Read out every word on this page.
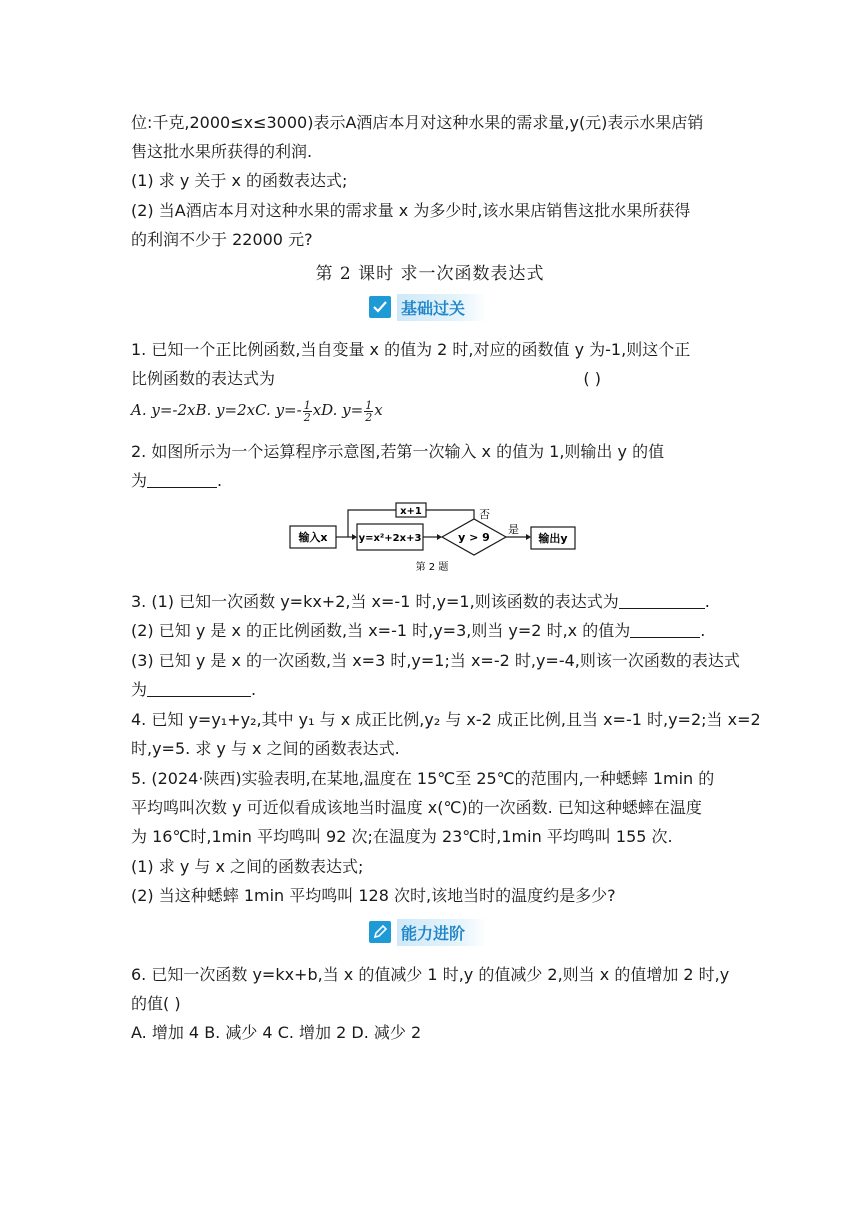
位:千克,2000≤x≤3000)表示A酒店本月对这种水果的需求量,y(元)表示水果店销
售这批水果所获得的利润.
(1) 求 y 关于 x 的函数表达式;
(2) 当A酒店本月对这种水果的需求量 x 为多少时,该水果店销售这批水果所获得
的利润不少于 22000 元?
第 2 课时 求一次函数表达式
基础过关
1. 已知一个正比例函数,当自变量 x 的值为 2 时,对应的函数值 y 为-1,则这个正
比例函数的表达式为	( )
A. y=-2xB. y=2xC. $y=- \frac{1}{2}$ xD. $y= \frac{1}{2}$ x
2. 如图所示为一个运算程序示意图,若第一次输入 x 的值为 1,则输出 y 的值
为	.
输入x	y=x²+2x+3	y > 9
x+1	否
是
输出y
第 2 题
3. (1) 已知一次函数 y=kx+2,当 x=-1 时,y=1,则该函数的表达式为	.
(2) 已知 y 是 x 的正比例函数,当 x=-1 时,y=3,则当 y=2 时,x 的值为	.
(3) 已知 y 是 x 的一次函数,当 x=3 时,y=1;当 x=-2 时,y=-4,则该一次函数的表达式
为	.
4. 已知 y=y₁+y₂,其中 y₁ 与 x 成正比例,y₂ 与 x-2 成正比例,且当 x=-1 时,y=2;当 x=2
时,y=5. 求 y 与 x 之间的函数表达式.
5. (2024·陕西)实验表明,在某地,温度在 15℃至 25℃的范围内,一种蟋蟀 1min 的
平均鸣叫次数 y 可近似看成该地当时温度 x(℃)的一次函数. 已知这种蟋蟀在温度
为 16℃时,1min 平均鸣叫 92 次;在温度为 23℃时,1min 平均鸣叫 155 次.
(1) 求 y 与 x 之间的函数表达式;
(2) 当这种蟋蟀 1min 平均鸣叫 128 次时,该地当时的温度约是多少?
能力进阶
6. 已知一次函数 y=kx+b,当 x 的值减少 1 时,y 的值减少 2,则当 x 的值增加 2 时,y
的值( )
A. 增加 4 B. 减少 4 C. 增加 2 D. 减少 2
